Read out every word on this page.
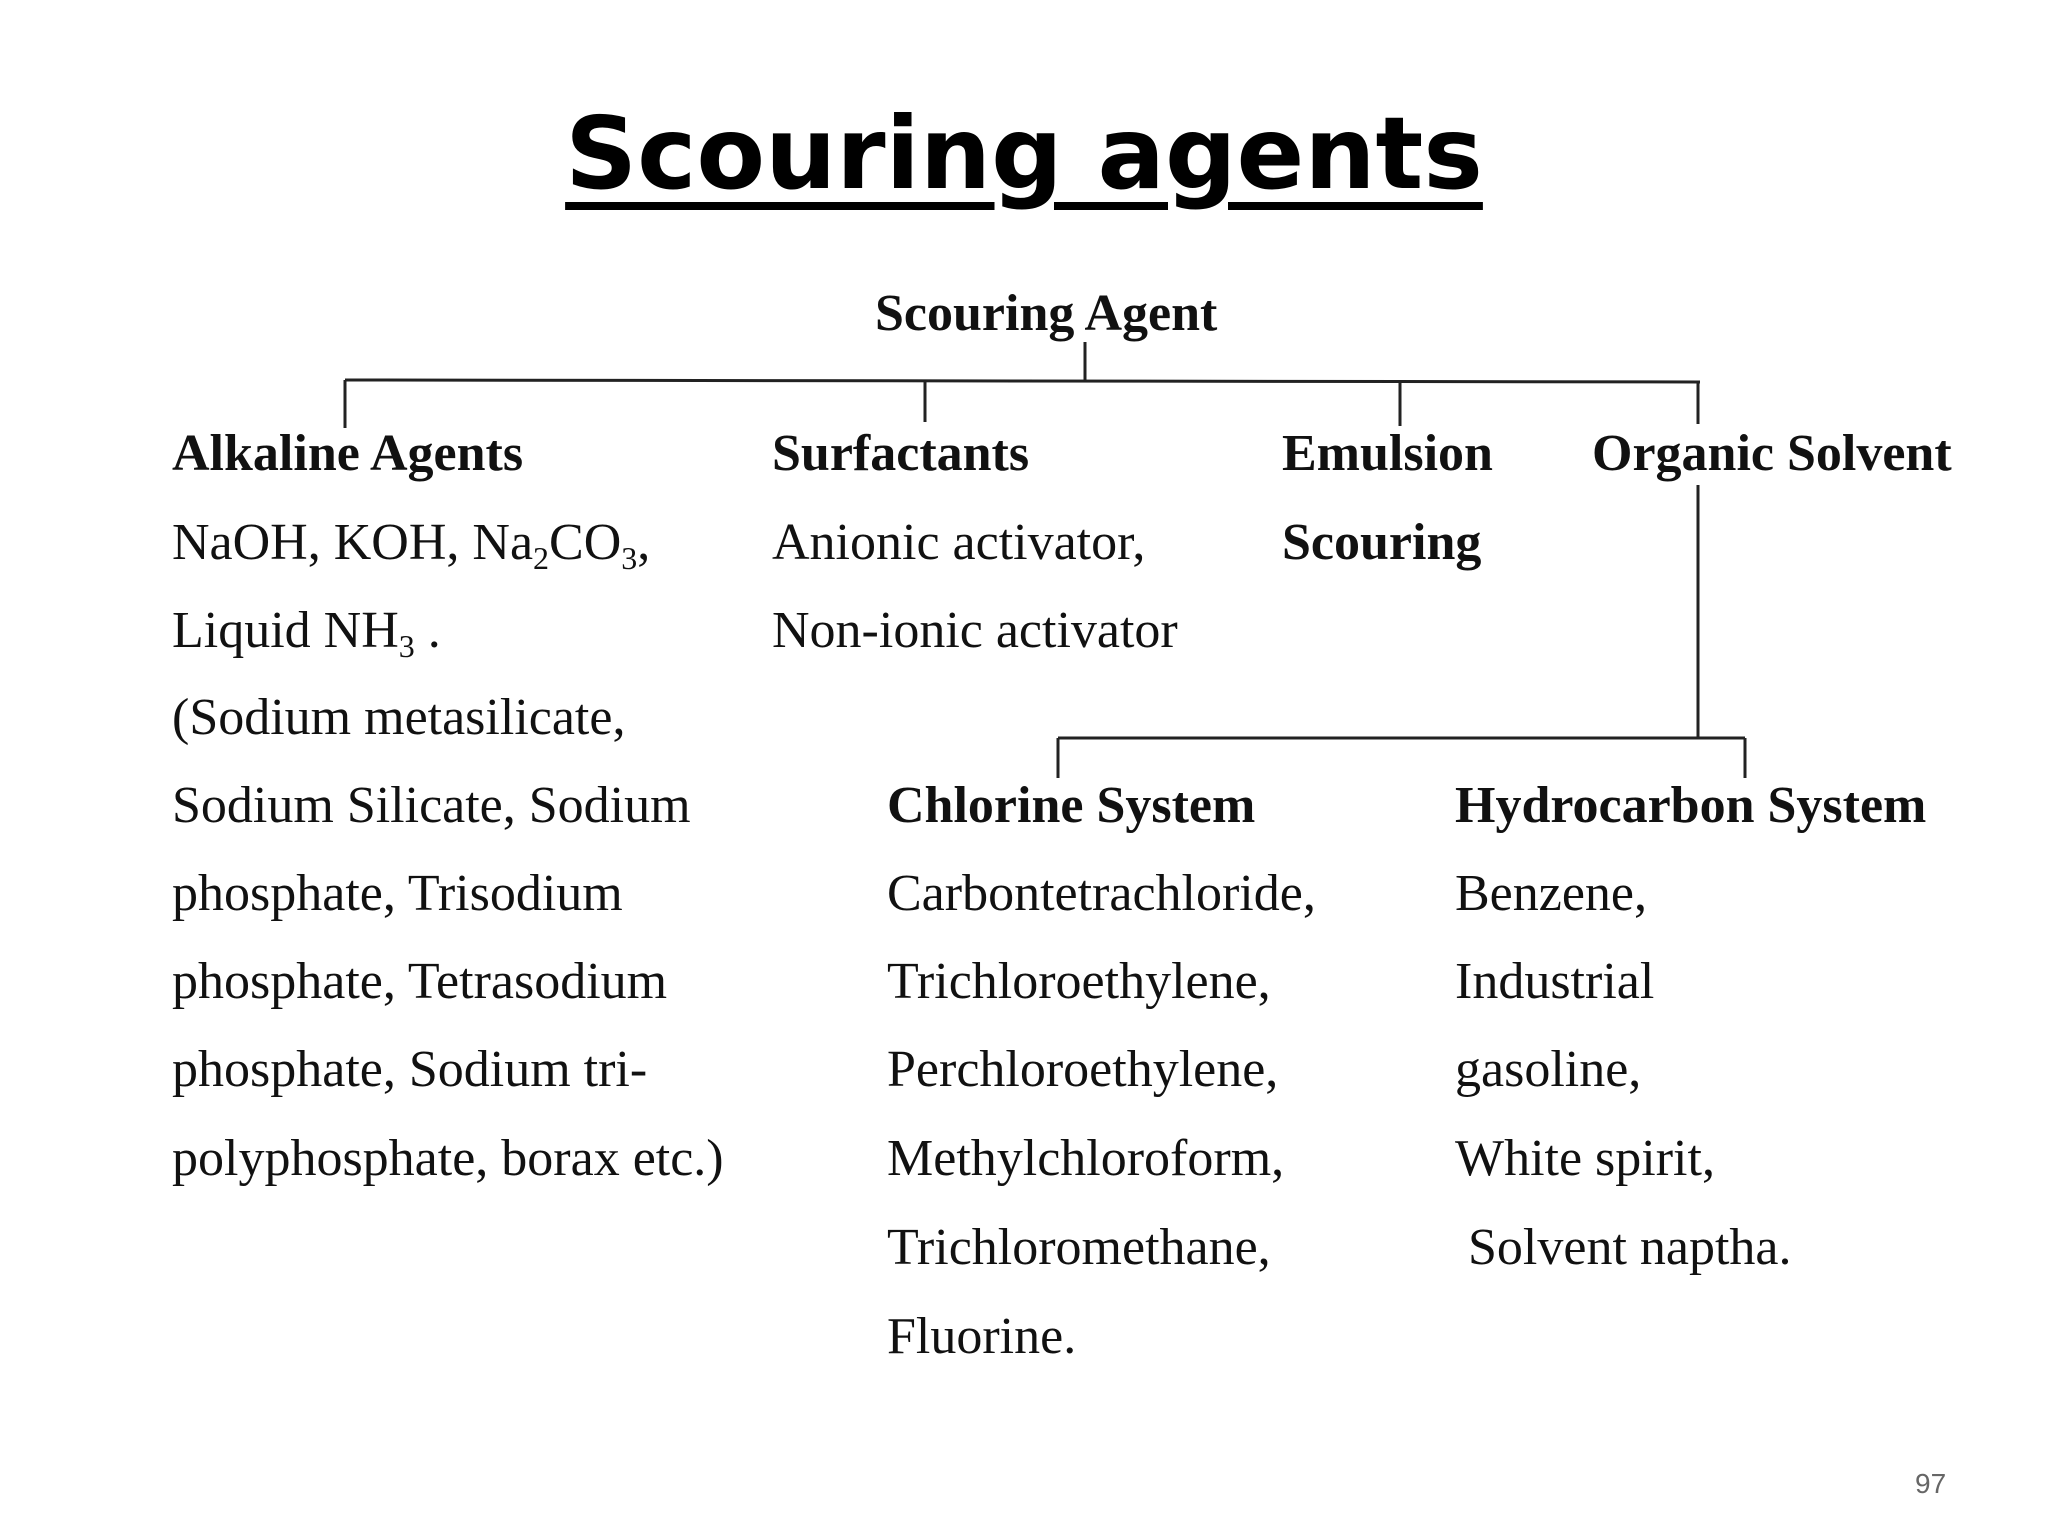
Scouring agents
Scouring Agent
Alkaline Agents
NaOH, KOH, $Na_2CO_3$,
Liquid $NH_3$ .
(Sodium metasilicate,
Sodium Silicate, Sodium
phosphate, Trisodium
phosphate, Tetrasodium
phosphate, Sodium tri-
polyphosphate, borax etc.)
Surfactants
Anionic activator,
Non-ionic activator
Emulsion
Scouring
Organic Solvent
Chlorine System
Carbontetrachloride,
Trichloroethylene,
Perchloroethylene,
Methylchloroform,
Trichloromethane,
Fluorine.
Hydrocarbon System
Benzene,
Industrial
gasoline,
White spirit,
Solvent naptha.
97
